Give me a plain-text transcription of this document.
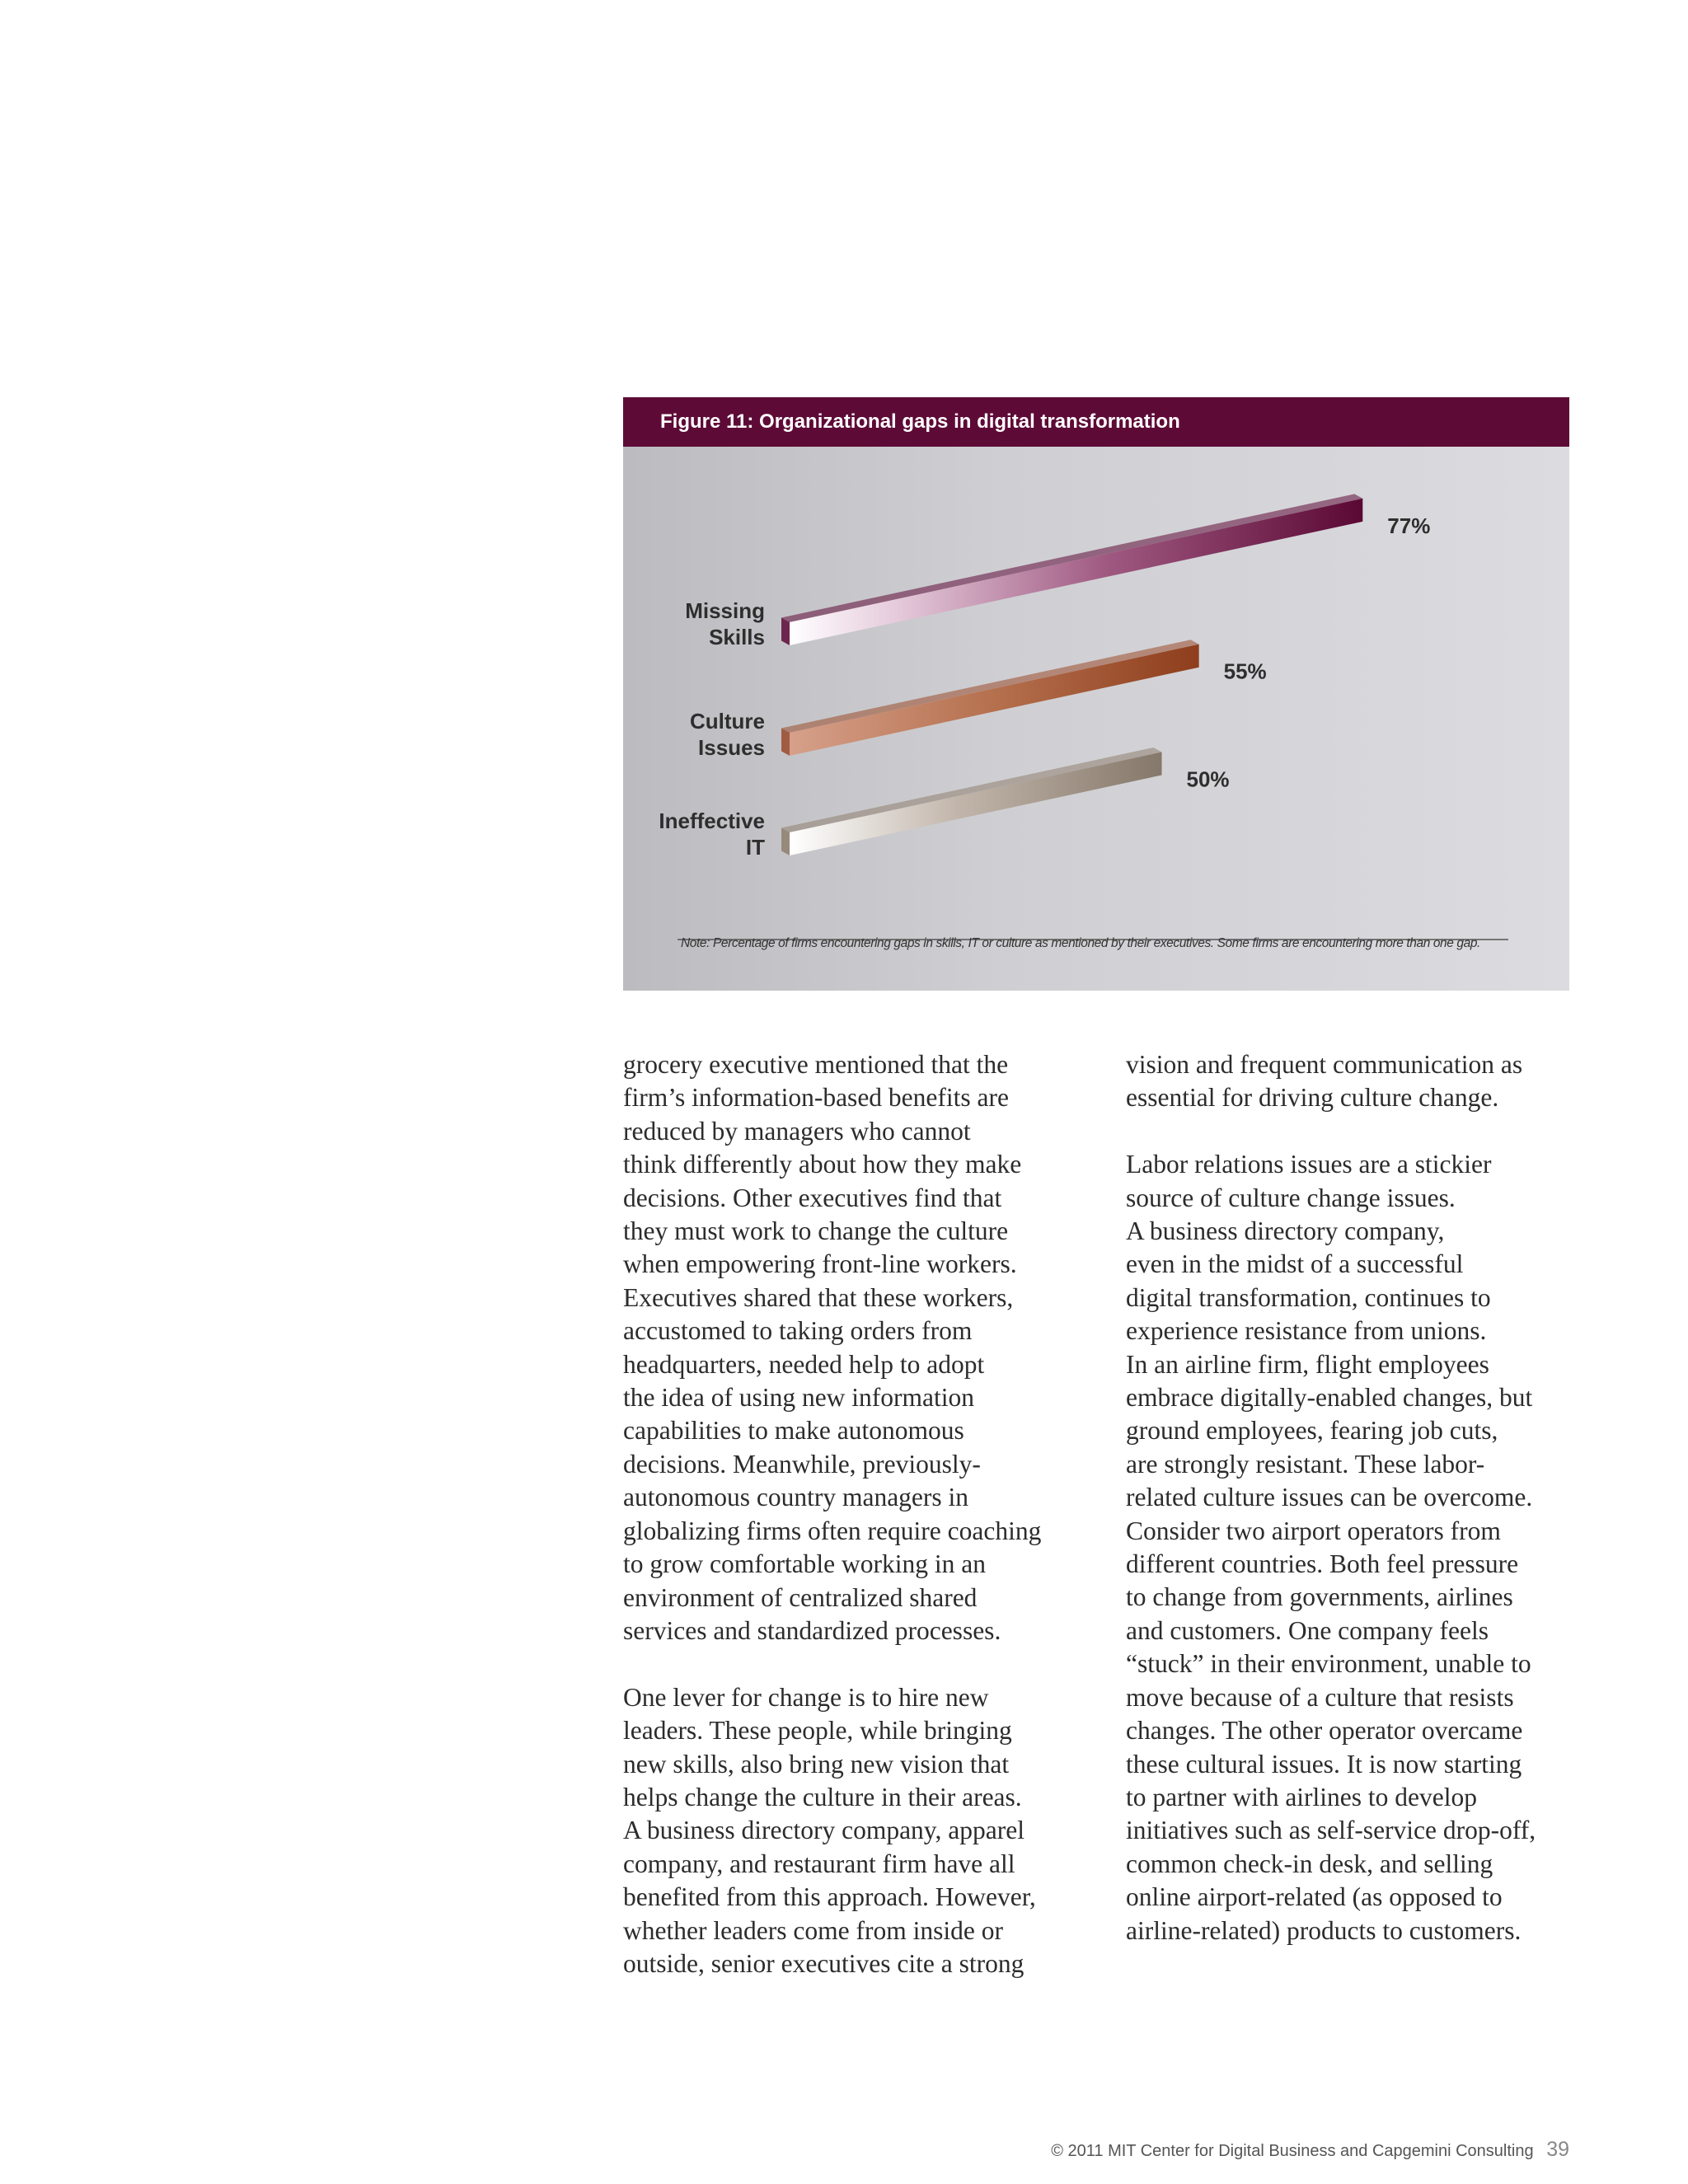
Figure 11: Organizational gaps in digital transformation
77%
Missing Skills
55%
Culture Issues
50%
Ineffective IT
Note: Percentage of firms encountering gaps in skills, IT or culture as mentioned by their executives. Some firms are encountering more than one gap.

grocery executive mentioned that the
firm’s information-based benefits are
reduced by managers who cannot
think differently about how they make
decisions. Other executives find that
they must work to change the culture
when empowering front-line workers.
Executives shared that these workers,
accustomed to taking orders from
headquarters, needed help to adopt
the idea of using new information
capabilities to make autonomous
decisions. Meanwhile, previously-
autonomous country managers in
globalizing firms often require coaching
to grow comfortable working in an
environment of centralized shared
services and standardized processes.

One lever for change is to hire new
leaders. These people, while bringing
new skills, also bring new vision that
helps change the culture in their areas.
A business directory company, apparel
company, and restaurant firm have all
benefited from this approach. However,
whether leaders come from inside or
outside, senior executives cite a strong

vision and frequent communication as
essential for driving culture change.

Labor relations issues are a stickier
source of culture change issues.
A business directory company,
even in the midst of a successful
digital transformation, continues to
experience resistance from unions.
In an airline firm, flight employees
embrace digitally-enabled changes, but
ground employees, fearing job cuts,
are strongly resistant. These labor-
related culture issues can be overcome.
Consider two airport operators from
different countries. Both feel pressure
to change from governments, airlines
and customers. One company feels
“stuck” in their environment, unable to
move because of a culture that resists
changes. The other operator overcame
these cultural issues. It is now starting
to partner with airlines to develop
initiatives such as self-service drop-off,
common check-in desk, and selling
online airport-related (as opposed to
airline-related) products to customers.

© 2011 MIT Center for Digital Business and Capgemini Consulting 39
